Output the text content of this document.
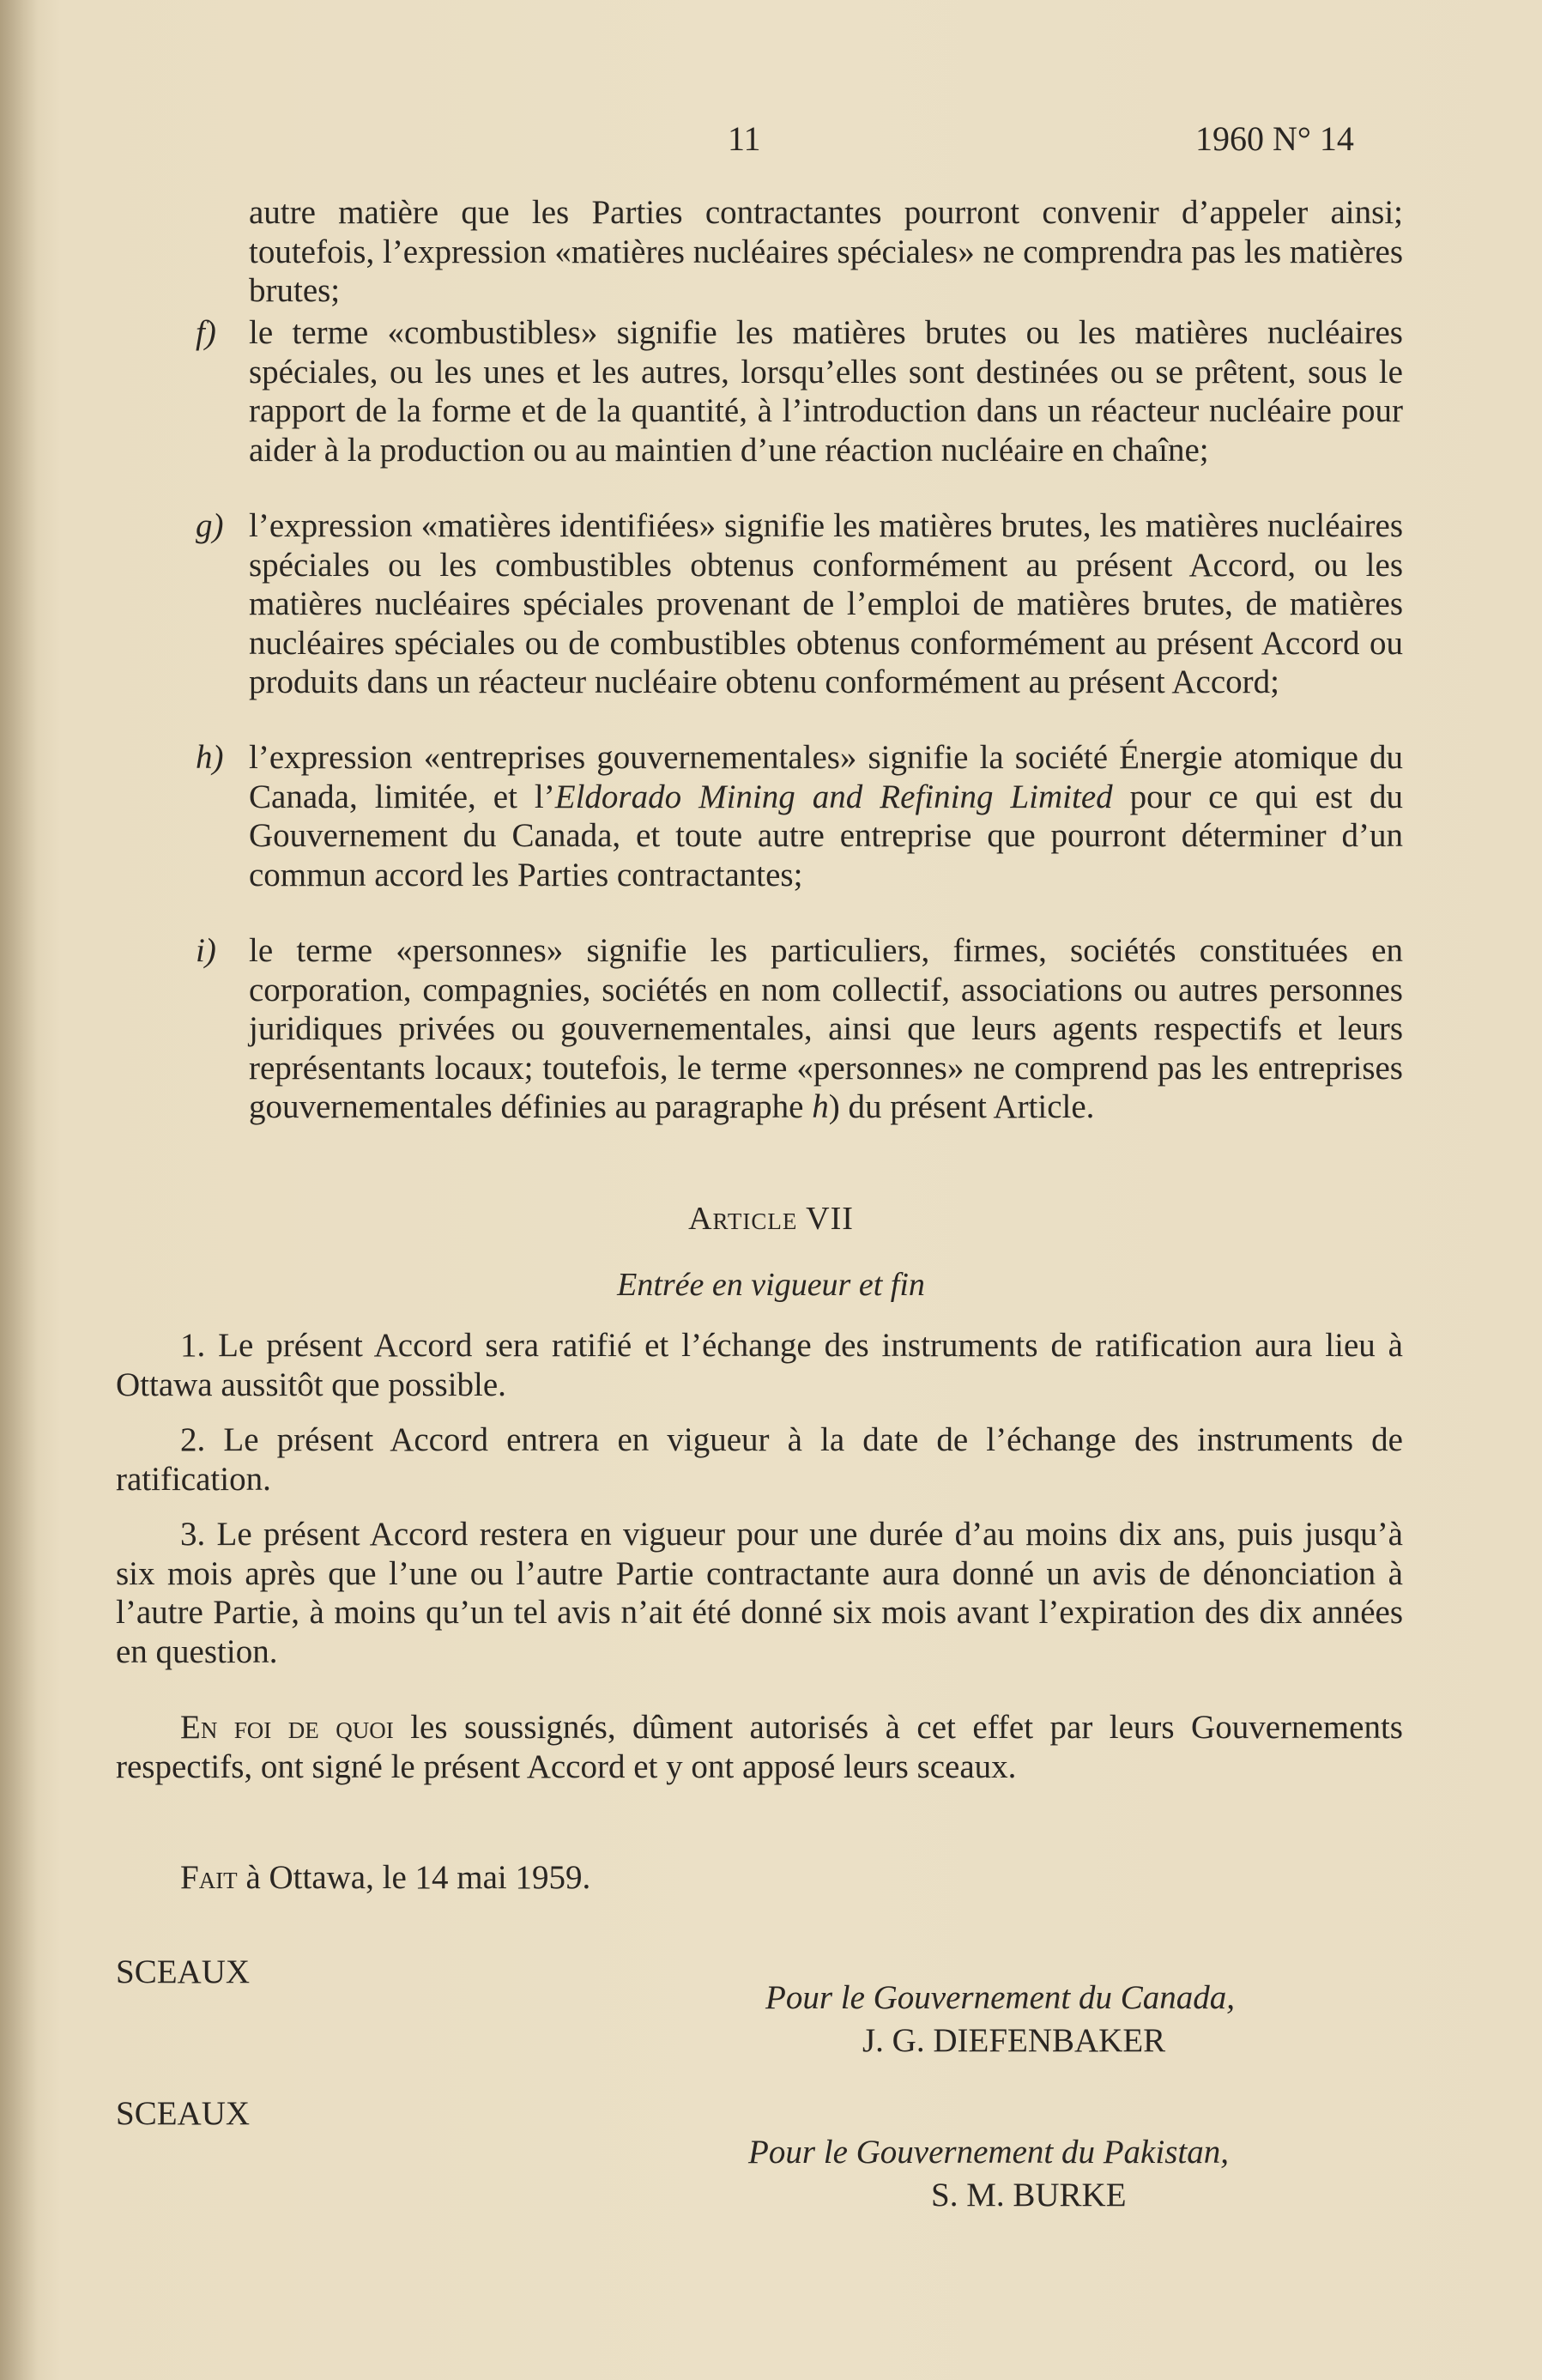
11	1960 N° 14
autre matière que les Parties contractantes pourront convenir d’appeler ainsi; toutefois, l’expression «matières nucléaires spéciales» ne comprendra pas les matières brutes;
f) le terme «combustibles» signifie les matières brutes ou les matières nucléaires spéciales, ou les unes et les autres, lorsqu’elles sont destinées ou se prêtent, sous le rapport de la forme et de la quantité, à l’introduction dans un réacteur nucléaire pour aider à la production ou au maintien d’une réaction nucléaire en chaîne;
g) l’expression «matières identifiées» signifie les matières brutes, les matières nucléaires spéciales ou les combustibles obtenus conformément au présent Accord, ou les matières nucléaires spéciales provenant de l’emploi de matières brutes, de matières nucléaires spéciales ou de combustibles obtenus conformément au présent Accord ou produits dans un réacteur nucléaire obtenu conformément au présent Accord;
h) l’expression «entreprises gouvernementales» signifie la société Énergie atomique du Canada, limitée, et l’Eldorado Mining and Refining Limited pour ce qui est du Gouvernement du Canada, et toute autre entreprise que pourront déterminer d’un commun accord les Parties contractantes;
i) le terme «personnes» signifie les particuliers, firmes, sociétés constituées en corporation, compagnies, sociétés en nom collectif, associations ou autres personnes juridiques privées ou gouvernementales, ainsi que leurs agents respectifs et leurs représentants locaux; toutefois, le terme «personnes» ne comprend pas les entreprises gouvernementales définies au paragraphe h) du présent Article.
Article VII
Entrée en vigueur et fin
1. Le présent Accord sera ratifié et l’échange des instruments de ratification aura lieu à Ottawa aussitôt que possible.
2. Le présent Accord entrera en vigueur à la date de l’échange des instruments de ratification.
3. Le présent Accord restera en vigueur pour une durée d’au moins dix ans, puis jusqu’à six mois après que l’une ou l’autre Partie contractante aura donné un avis de dénonciation à l’autre Partie, à moins qu’un tel avis n’ait été donné six mois avant l’expiration des dix années en question.
En foi de quoi les soussignés, dûment autorisés à cet effet par leurs Gouvernements respectifs, ont signé le présent Accord et y ont apposé leurs sceaux.
Fait à Ottawa, le 14 mai 1959.
SCEAUX
Pour le Gouvernement du Canada,
J. G. DIEFENBAKER
SCEAUX
Pour le Gouvernement du Pakistan,
S. M. BURKE
